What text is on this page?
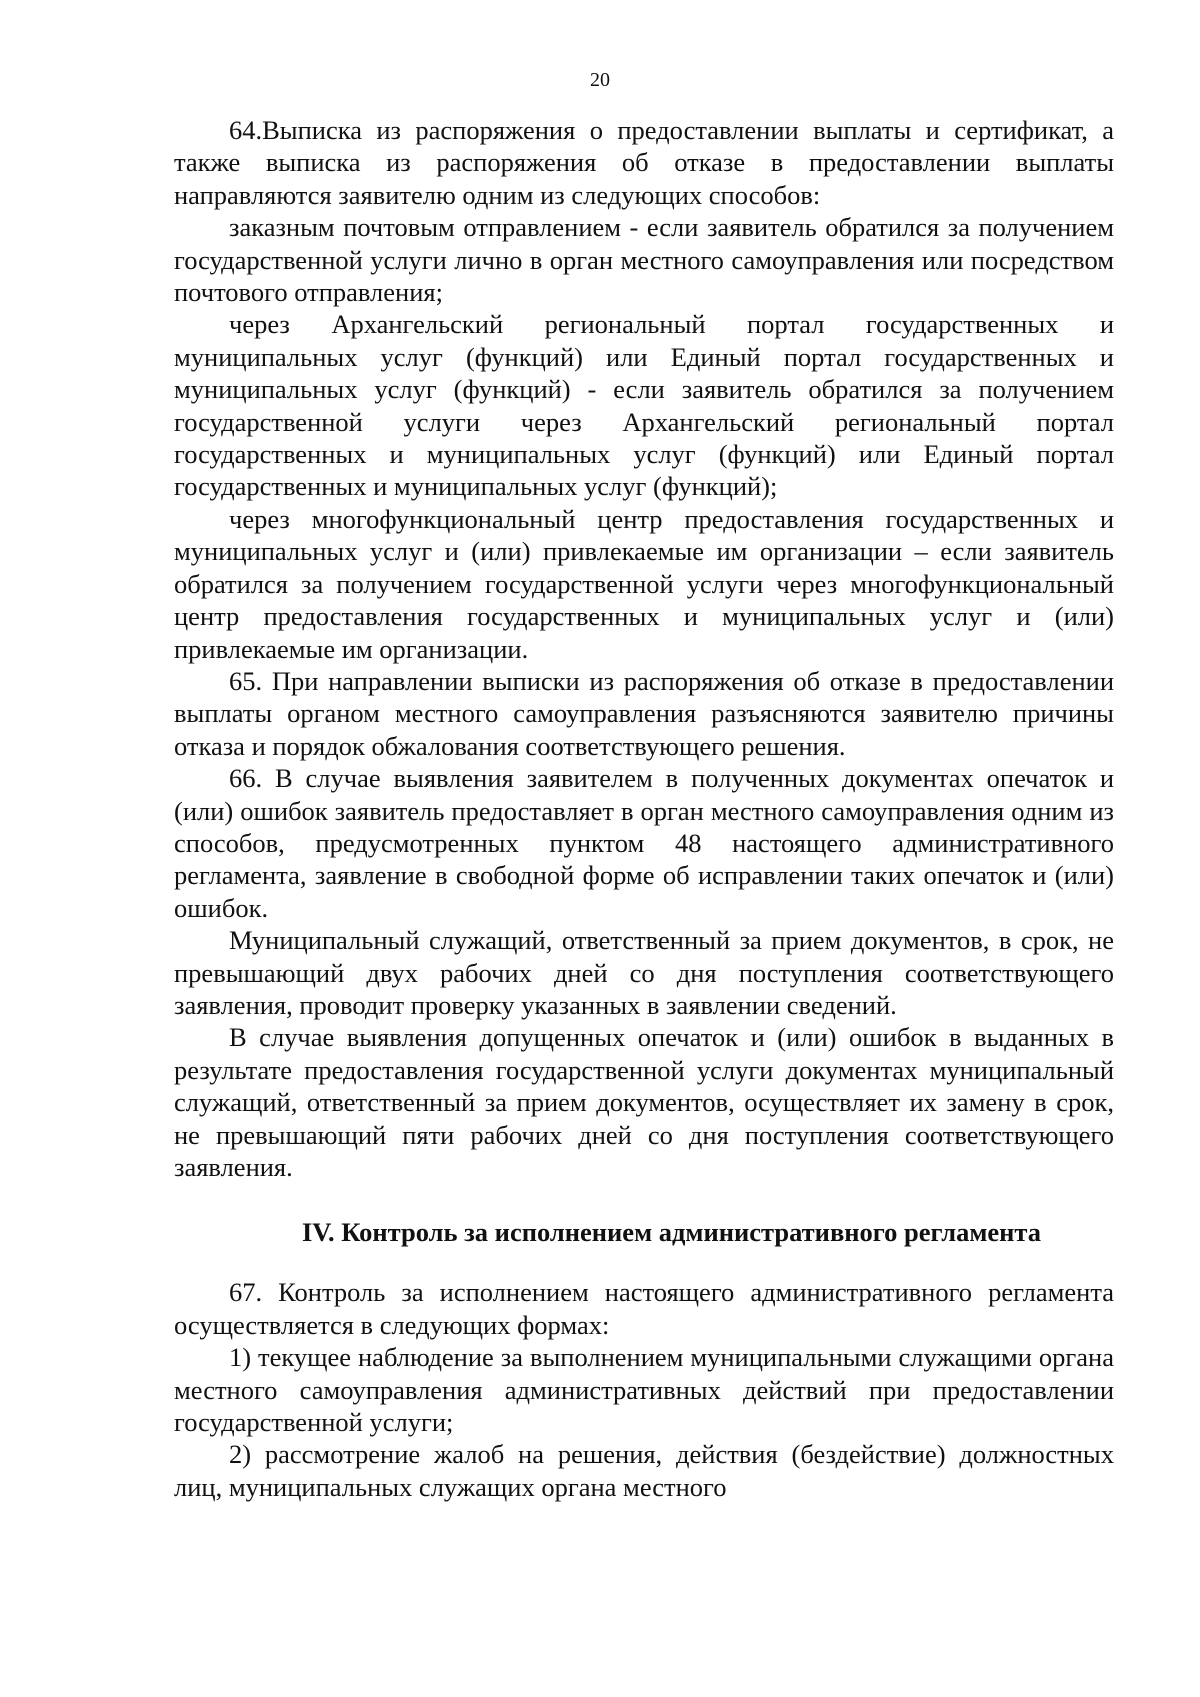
20

64.Выписка из распоряжения о предоставлении выплаты и сертификат, а также выписка из распоряжения об отказе в предоставлении выплаты направляются заявителю одним из следующих способов:

заказным почтовым отправлением - если заявитель обратился за получением государственной услуги лично в орган местного самоуправления или посредством почтового отправления;

через Архангельский региональный портал государственных и муниципальных услуг (функций) или Единый портал государственных и муниципальных услуг (функций) - если заявитель обратился за получением государственной услуги через Архангельский региональный портал государственных и муниципальных услуг (функций) или Единый портал государственных и муниципальных услуг (функций);

через многофункциональный центр предоставления государственных и муниципальных услуг и (или) привлекаемые им организации – если заявитель обратился за получением государственной услуги через многофункциональный центр предоставления государственных и муниципальных услуг и (или) привлекаемые им организации.

65. При направлении выписки из распоряжения об отказе в предоставлении выплаты органом местного самоуправления разъясняются заявителю причины отказа и порядок обжалования соответствующего решения.

66. В случае выявления заявителем в полученных документах опечаток и (или) ошибок заявитель предоставляет в орган местного самоуправления одним из способов, предусмотренных пунктом 48 настоящего административного регламента, заявление в свободной форме об исправлении таких опечаток и (или) ошибок.

Муниципальный служащий, ответственный за прием документов, в срок, не превышающий двух рабочих дней со дня поступления соответствующего заявления, проводит проверку указанных в заявлении сведений.

В случае выявления допущенных опечаток и (или) ошибок в выданных в результате предоставления государственной услуги документах муниципальный служащий, ответственный за прием документов, осуществляет их замену в срок, не превышающий пяти рабочих дней со дня поступления соответствующего заявления.

IV. Контроль за исполнением административного регламента

67. Контроль за исполнением настоящего административного регламента осуществляется в следующих формах:

1) текущее наблюдение за выполнением муниципальными служащими органа местного самоуправления административных действий при предоставлении государственной услуги;

2) рассмотрение жалоб на решения, действия (бездействие) должностных лиц, муниципальных служащих органа местного
